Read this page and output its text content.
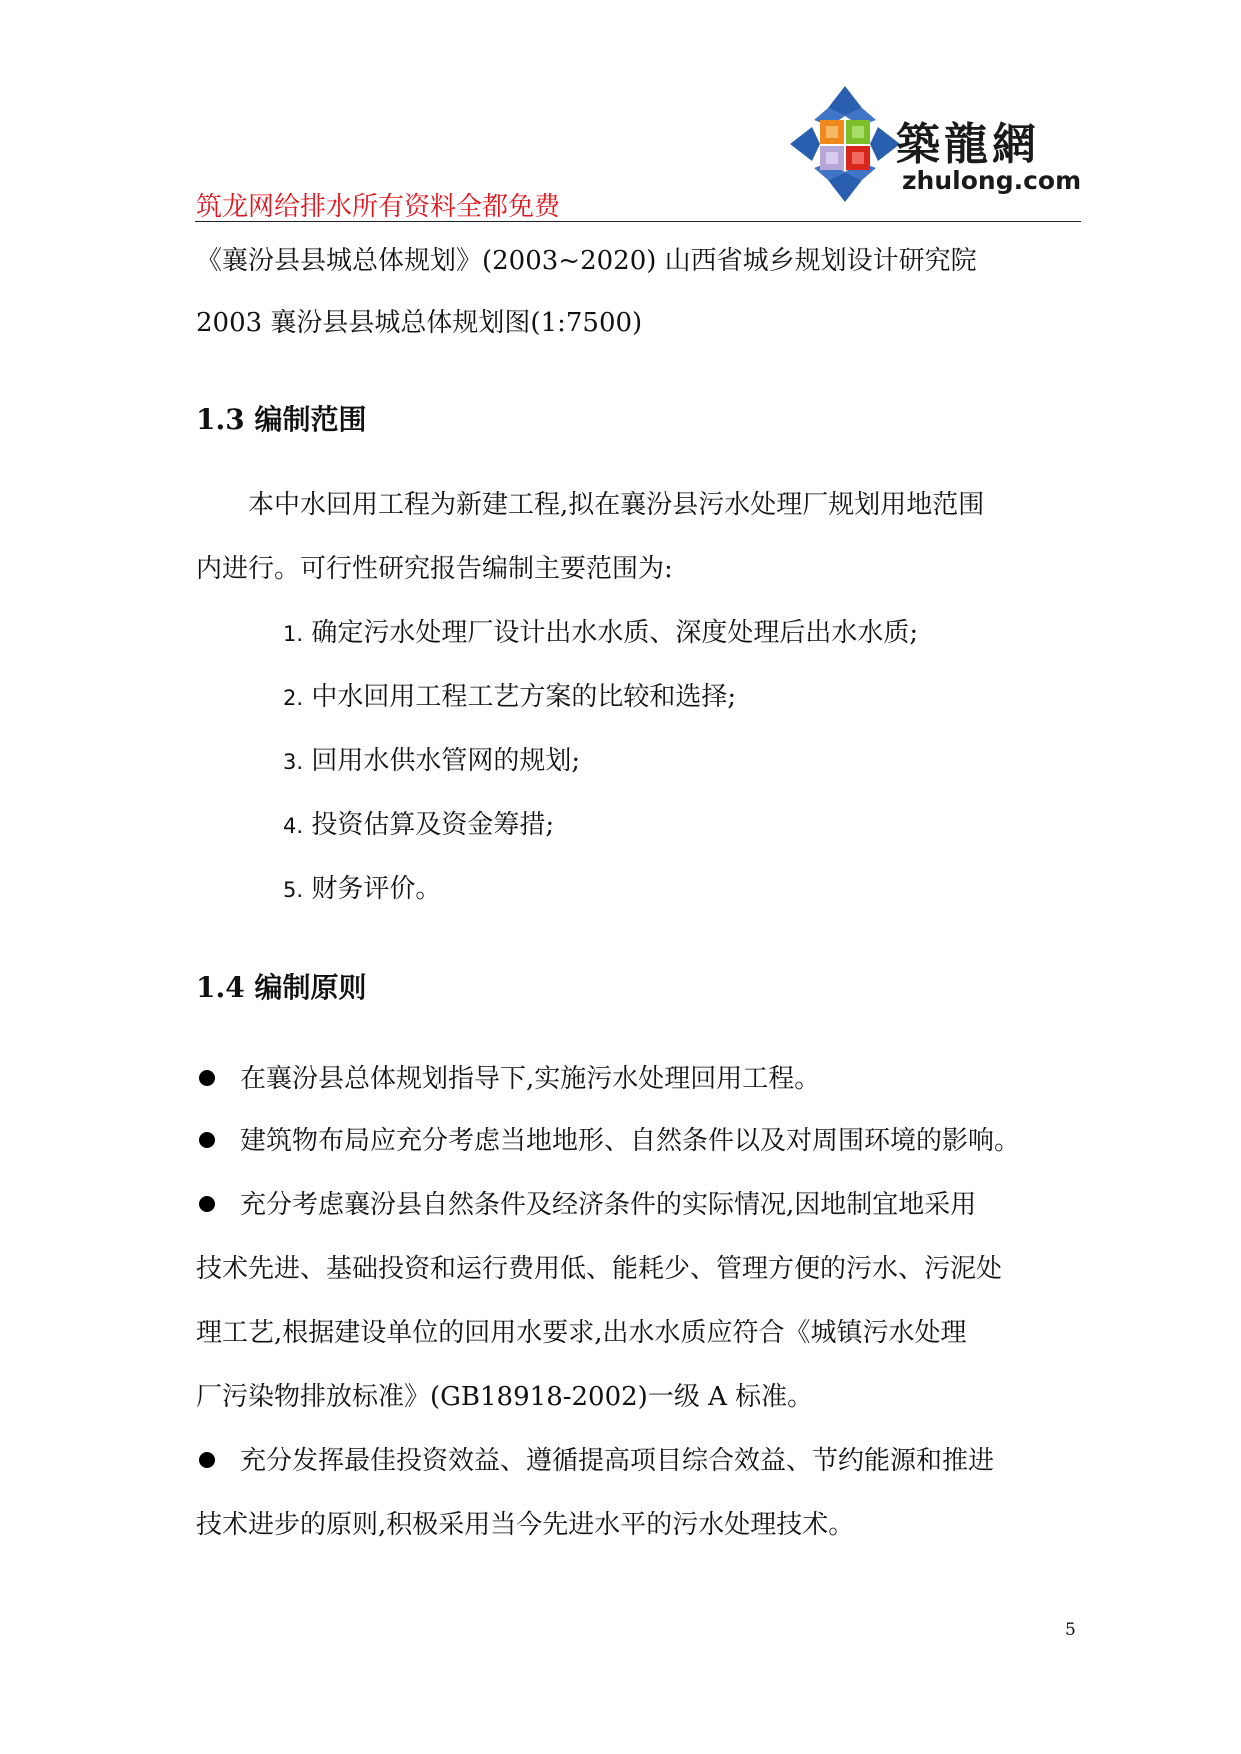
築龍網
zhulong.com
筑龙网给排水所有资料全都免费
《襄汾县县城总体规划》(2003~2020) 山西省城乡规划设计研究院
2003 襄汾县县城总体规划图(1:7500)
1.3 编制范围
本中水回用工程为新建工程,拟在襄汾县污水处理厂规划用地范围
内进行。可行性研究报告编制主要范围为:
1. 确定污水处理厂设计出水水质、深度处理后出水水质;
2. 中水回用工程工艺方案的比较和选择;
3. 回用水供水管网的规划;
4. 投资估算及资金筹措;
5. 财务评价。
1.4 编制原则
在襄汾县总体规划指导下,实施污水处理回用工程。
建筑物布局应充分考虑当地地形、自然条件以及对周围环境的影响。
充分考虑襄汾县自然条件及经济条件的实际情况,因地制宜地采用
技术先进、基础投资和运行费用低、能耗少、管理方便的污水、污泥处
理工艺,根据建设单位的回用水要求,出水水质应符合《城镇污水处理
厂污染物排放标准》(GB18918-2002)一级 A 标准。
充分发挥最佳投资效益、遵循提高项目综合效益、节约能源和推进
技术进步的原则,积极采用当今先进水平的污水处理技术。
5
